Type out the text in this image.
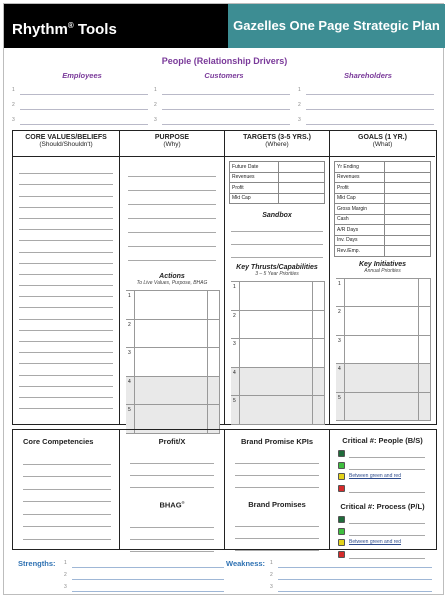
Rhythm® Tools	Gazelles One Page Strategic Plan
People (Relationship Drivers)
Employees
1
2
3
Customers
1
2
3
Shareholders
1
2
3
CORE VALUES/BELIEFS
(Should/Shouldn't)
PURPOSE
(Why)
Actions
To Live Values, Purpose, BHAG
1		
2		
3		
4		
5		
TARGETS (3-5 YRS.)
(Where)
Future Date	
Revenues	
Profit	
Mkt Cap	
Sandbox
Key Thrusts/Capabilities
3 – 5 Year Priorities
1		
2		
3		
4		
5		
GOALS (1 YR.)
(What)
Yr Ending	
Revenues	
Profit	
Mkt Cap	
Gross Margin	
Cash	
A/R Days	
Inv. Days	
Rev./Emp.	
Key Initiatives
Annual Priorities
1		
2		
3		
4		
5		
Core Competencies	Profit/X
BHAG®
Brand Promise KPIs
Brand Promises
Critical #: People (B/S)
Between green and red
Critical #: Process (P/L)
Between green and red
Strengths: 1
2
3
Weakness: 1
2
3
